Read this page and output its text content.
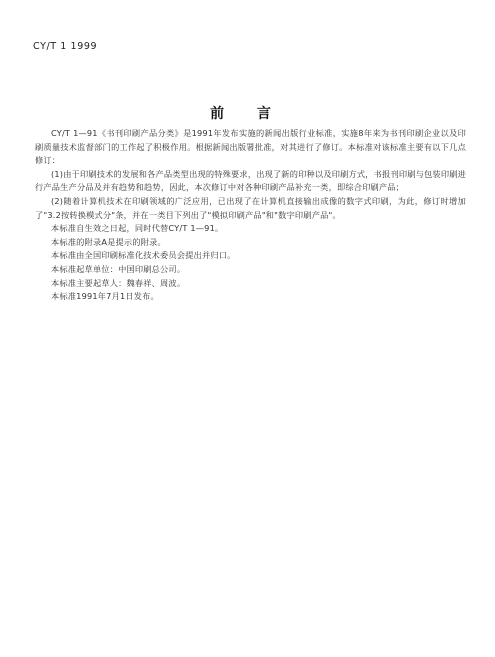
CY/T 1 1999
前 言

CY/T 1—91《书刊印刷产品分类》是1991年发布实施的新闻出版行业标准，实施8年来为书刊印刷企业以及印刷质量技术监督部门的工作起了积极作用。根据新闻出版署批准，对其进行了修订。本标准对该标准主要有以下几点修订：

(1)由于印刷技术的发展和各产品类型出现的特殊要求，出现了新的印种以及印刷方式，书报刊印刷与包装印刷进行产品生产分品及并有趋势和趋势，因此，本次修订中对各种印刷产品补充一类，即综合印刷产品；

(2)随着计算机技术在印刷领域的广泛应用，已出现了在计算机直接输出成像的数字式印刷，为此，修订时增加了"3.2按转换模式分"条，并在一类目下列出了"模拟印刷产品"和"数字印刷产品"。

本标准自生效之日起，同时代替CY/T 1—91。

本标准的附录A是提示的附录。

本标准由全国印刷标准化技术委员会提出并归口。

本标准起草单位：中国印刷总公司。

本标准主要起草人：魏春祥、周波。

本标准1991年7月1日发布。
